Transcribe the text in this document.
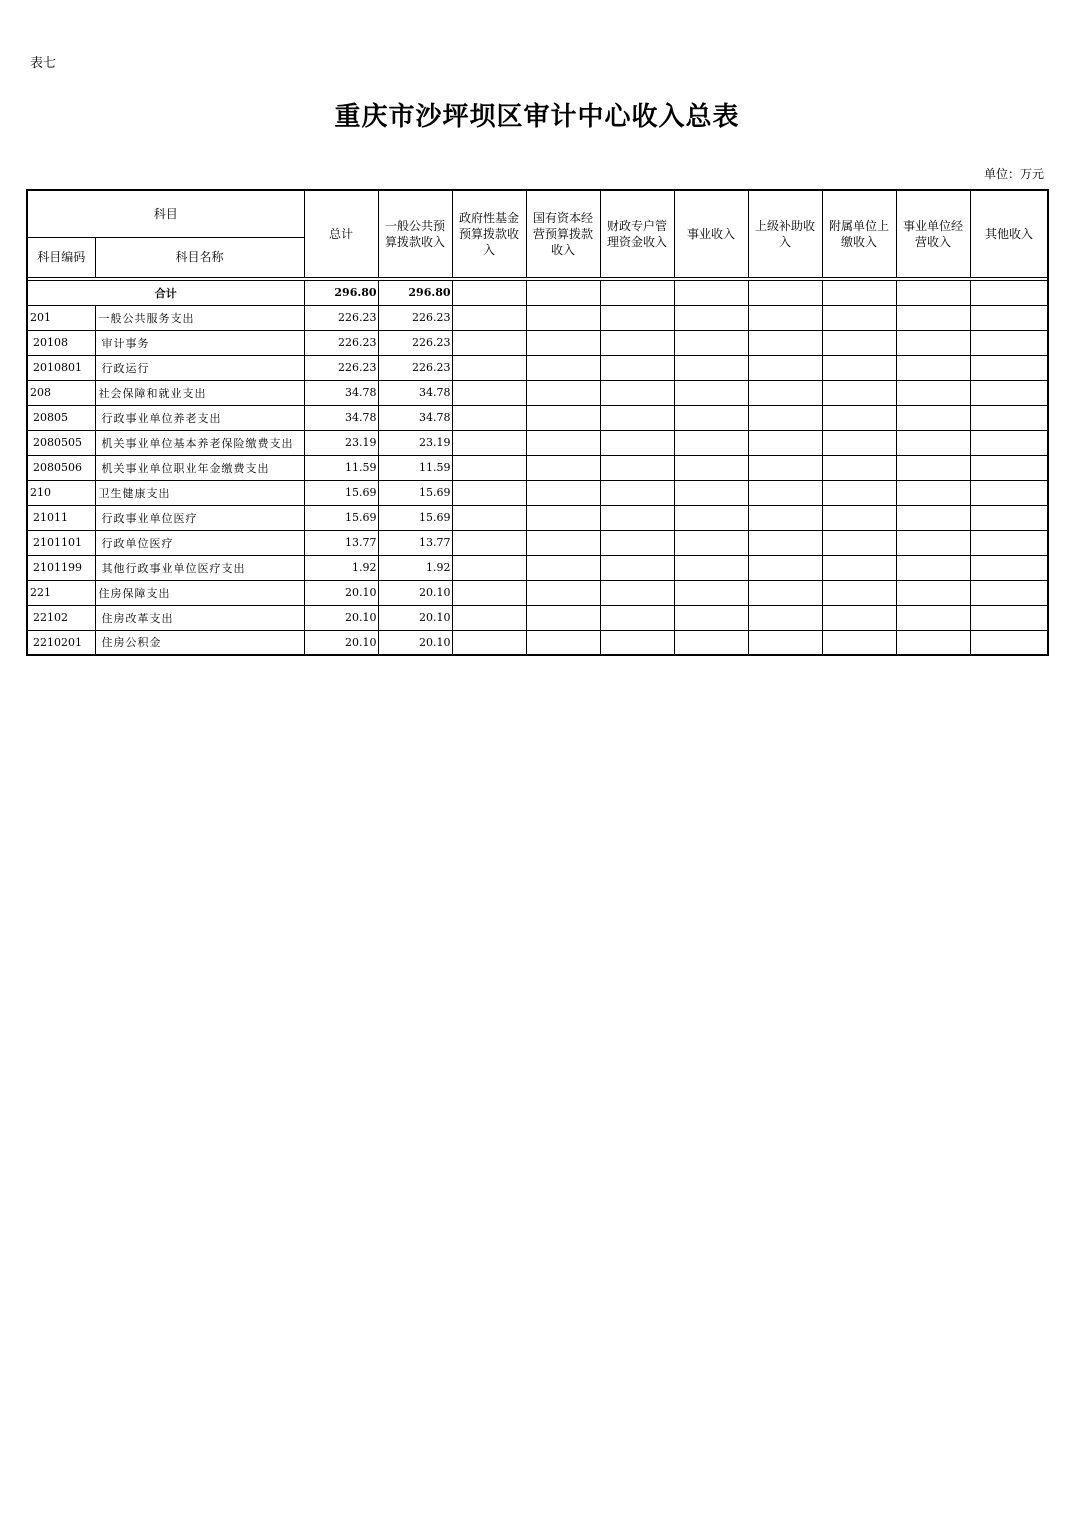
表七
重庆市沙坪坝区审计中心收入总表
单位：万元
科目		总计	一般公共预算拨款收入	政府性基金预算拨款收入	国有资本经营预算拨款收入	财政专户管理资金收入	事业收入	上级补助收入	附属单位上缴收入	事业单位经营收入	其他收入	
科目编码	科目名称											

合计		296.80	296.80										
201	一般公共服务支出	226.23	226.23									
20108	审计事务	226.23	226.23									
2010801	行政运行	226.23	226.23									
208	社会保障和就业支出	34.78	34.78									
20805	行政事业单位养老支出	34.78	34.78									
2080505	机关事业单位基本养老保险缴费支出	23.19	23.19									
2080506	机关事业单位职业年金缴费支出	11.59	11.59									
210	卫生健康支出	15.69	15.69									
21011	行政事业单位医疗	15.69	15.69									
2101101	行政单位医疗	13.77	13.77									
2101199	其他行政事业单位医疗支出	1.92	1.92									
221	住房保障支出	20.10	20.10									
22102	住房改革支出	20.10	20.10									
2210201	住房公积金	20.10	20.10									
